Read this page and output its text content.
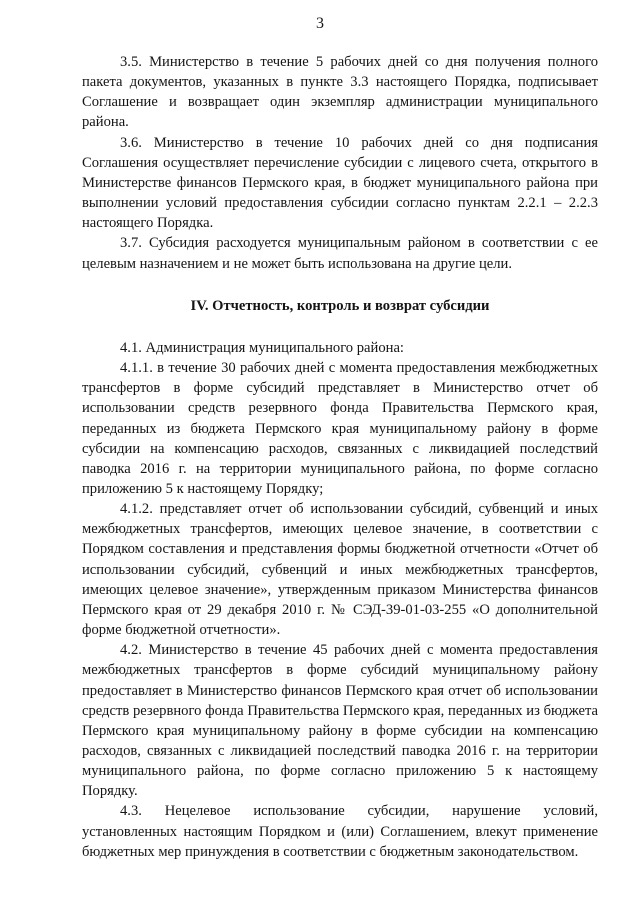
3

3.5. Министерство в течение 5 рабочих дней со дня получения полного пакета документов, указанных в пункте 3.3 настоящего Порядка, подписывает Соглашение и возвращает один экземпляр администрации муниципального района.

3.6. Министерство в течение 10 рабочих дней со дня подписания Соглашения осуществляет перечисление субсидии с лицевого счета, открытого в Министерстве финансов Пермского края, в бюджет муниципального района при выполнении условий предоставления субсидии согласно пунктам 2.2.1 – 2.2.3 настоящего Порядка.

3.7. Субсидия расходуется муниципальным районом в соответствии с ее целевым назначением и не может быть использована на другие цели.

IV. Отчетность, контроль и возврат субсидии

4.1. Администрация муниципального района:

4.1.1. в течение 30 рабочих дней с момента предоставления межбюджетных трансфертов в форме субсидий представляет в Министерство отчет об использовании средств резервного фонда Правительства Пермского края, переданных из бюджета Пермского края муниципальному району в форме субсидии на компенсацию расходов, связанных с ликвидацией последствий паводка 2016 г. на территории муниципального района, по форме согласно приложению 5 к настоящему Порядку;

4.1.2. представляет отчет об использовании субсидий, субвенций и иных межбюджетных трансфертов, имеющих целевое значение, в соответствии с Порядком составления и представления формы бюджетной отчетности «Отчет об использовании субсидий, субвенций и иных межбюджетных трансфертов, имеющих целевое значение», утвержденным приказом Министерства финансов Пермского края от 29 декабря 2010 г. № СЭД-39-01-03-255 «О дополнительной форме бюджетной отчетности».

4.2. Министерство в течение 45 рабочих дней с момента предоставления межбюджетных трансфертов в форме субсидий муниципальному району предоставляет в Министерство финансов Пермского края отчет об использовании средств резервного фонда Правительства Пермского края, переданных из бюджета Пермского края муниципальному району в форме субсидии на компенсацию расходов, связанных с ликвидацией последствий паводка 2016 г. на территории муниципального района, по форме согласно приложению 5 к настоящему Порядку.

4.3. Нецелевое использование субсидии, нарушение условий, установленных настоящим Порядком и (или) Соглашением, влекут применение бюджетных мер принуждения в соответствии с бюджетным законодательством.
